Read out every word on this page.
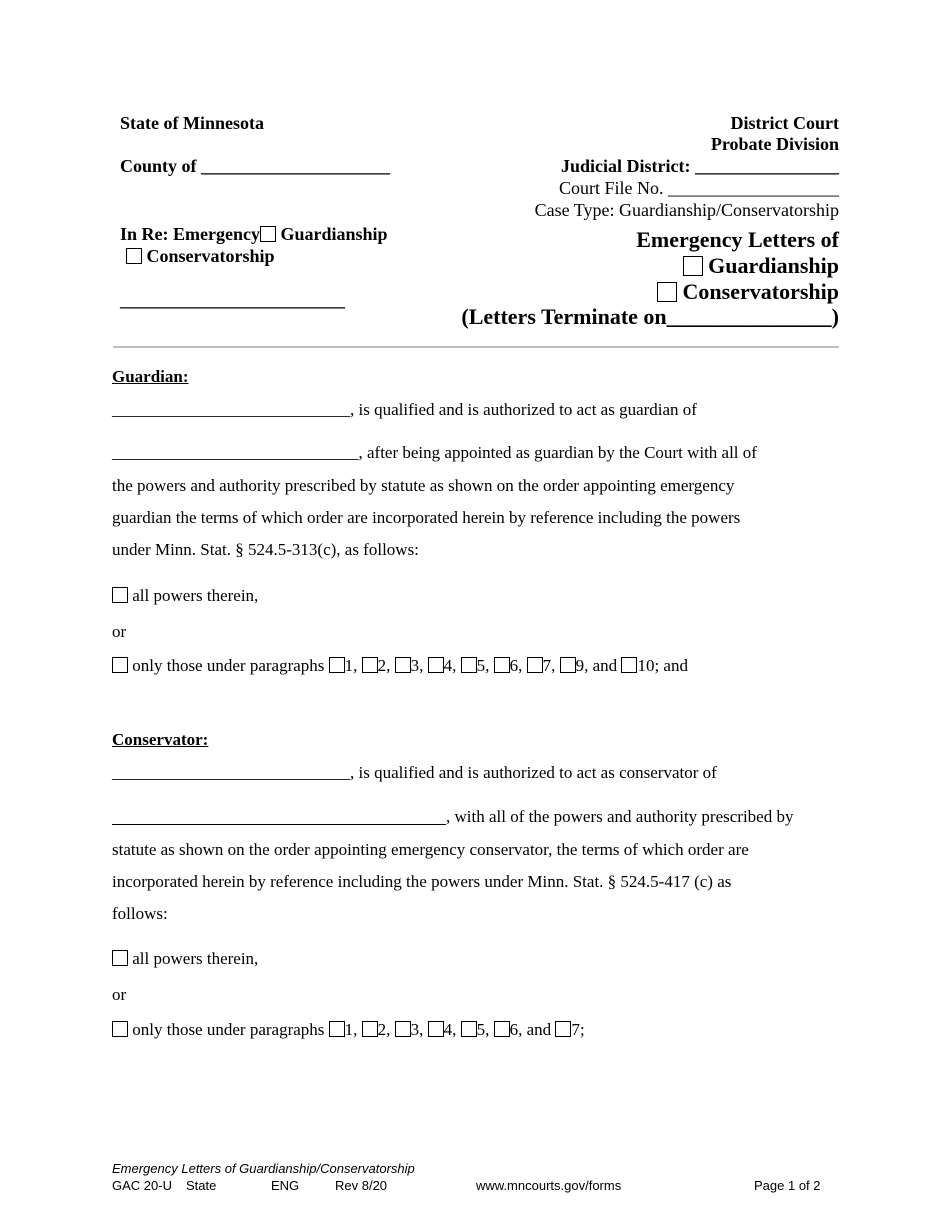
State of Minnesota
County of _____________________
In Re: Emergency Guardianship
Conservatorship
_________________________
District Court
Probate Division
Judicial District: ________________
Court File No. ___________________
Case Type: Guardianship/Conservatorship
Emergency Letters of
Guardianship
Conservatorship
(Letters Terminate on_______________)
Guardian:
____________________________, is qualified and is authorized to act as guardian of
_____________________________, after being appointed as guardian by the Court with all of
the powers and authority prescribed by statute as shown on the order appointing emergency
guardian the terms of which order are incorporated herein by reference including the powers
under Minn. Stat. § 524.5-313(c), as follows:
all powers therein,
or
only those under paragraphs 1, 2, 3, 4, 5, 6, 7, 9, and 10; and
Conservator:
____________________________, is qualified and is authorized to act as conservator of
, with all of the powers and authority prescribed by
statute as shown on the order appointing emergency conservator, the terms of which order are
incorporated herein by reference including the powers under Minn. Stat. § 524.5-417 (c) as
follows:
all powers therein,
or
only those under paragraphs 1, 2, 3, 4, 5, 6, and 7;
Emergency Letters of Guardianship/Conservatorship
GAC 20-U State	ENG	Rev 8/20	www.mncourts.gov/forms	Page 1 of 2
